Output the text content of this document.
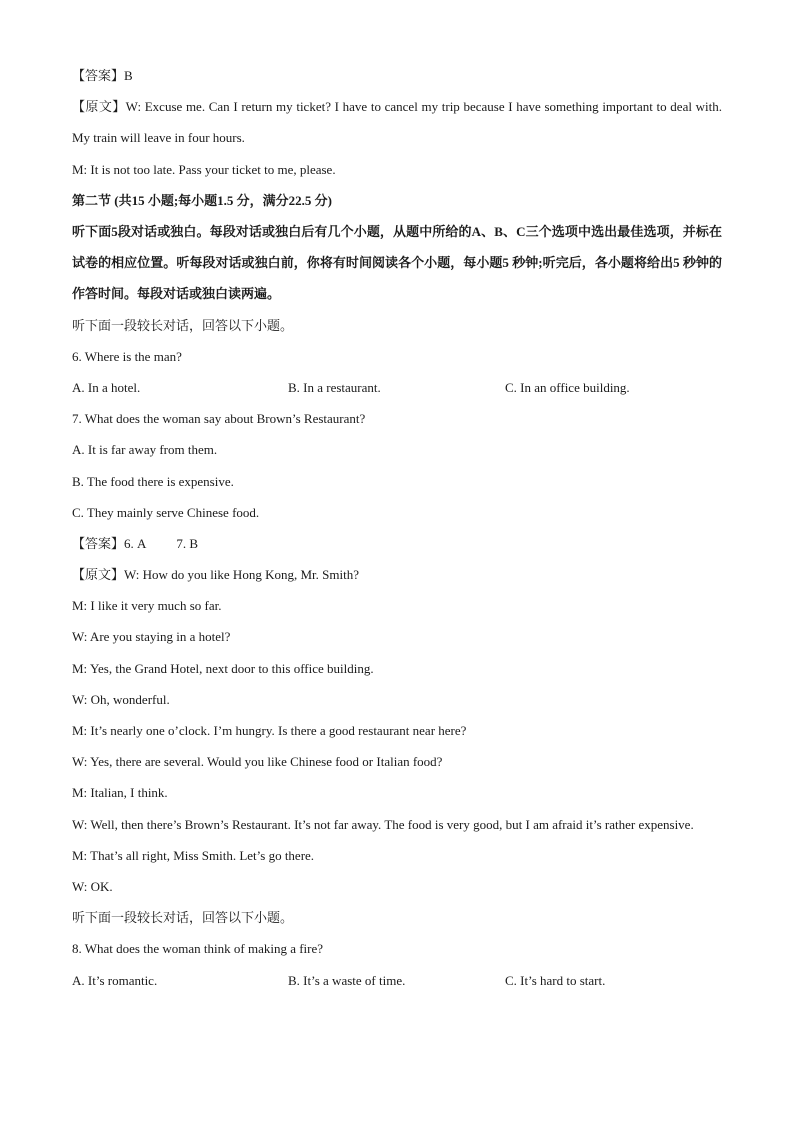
【答案】B
【原文】W: Excuse me. Can I return my ticket? I have to cancel my trip because I have something important to deal with. My train will leave in four hours.
M: It is not too late. Pass your ticket to me, please.
第二节 (共15 小题;每小题1.5 分，满分22.5 分)
听下面5段对话或独白。每段对话或独白后有几个小题，从题中所给的A、B、C三个选项中选出最佳选项，并标在试卷的相应位置。听每段对话或独白前，你将有时间阅读各个小题，每小题5 秒钟;听完后，各小题将给出5 秒钟的作答时间。每段对话或独白读两遍。
听下面一段较长对话，回答以下小题。
6. Where is the man?
A. In a hotel.	B. In a restaurant.	C. In an office building.
7. What does the woman say about Brown’s Restaurant?
A. It is far away from them.
B. The food there is expensive.
C. They mainly serve Chinese food.
【答案】6. A 7. B
【原文】W: How do you like Hong Kong, Mr. Smith?
M: I like it very much so far.
W: Are you staying in a hotel?
M: Yes, the Grand Hotel, next door to this office building.
W: Oh, wonderful.
M: It’s nearly one o’clock. I’m hungry. Is there a good restaurant near here?
W: Yes, there are several. Would you like Chinese food or Italian food?
M: Italian, I think.
W: Well, then there’s Brown’s Restaurant. It’s not far away. The food is very good, but I am afraid it’s rather expensive.
M: That’s all right, Miss Smith. Let’s go there.
W: OK.
听下面一段较长对话，回答以下小题。
8. What does the woman think of making a fire?
A. It’s romantic.	B. It’s a waste of time.	C. It’s hard to start.
